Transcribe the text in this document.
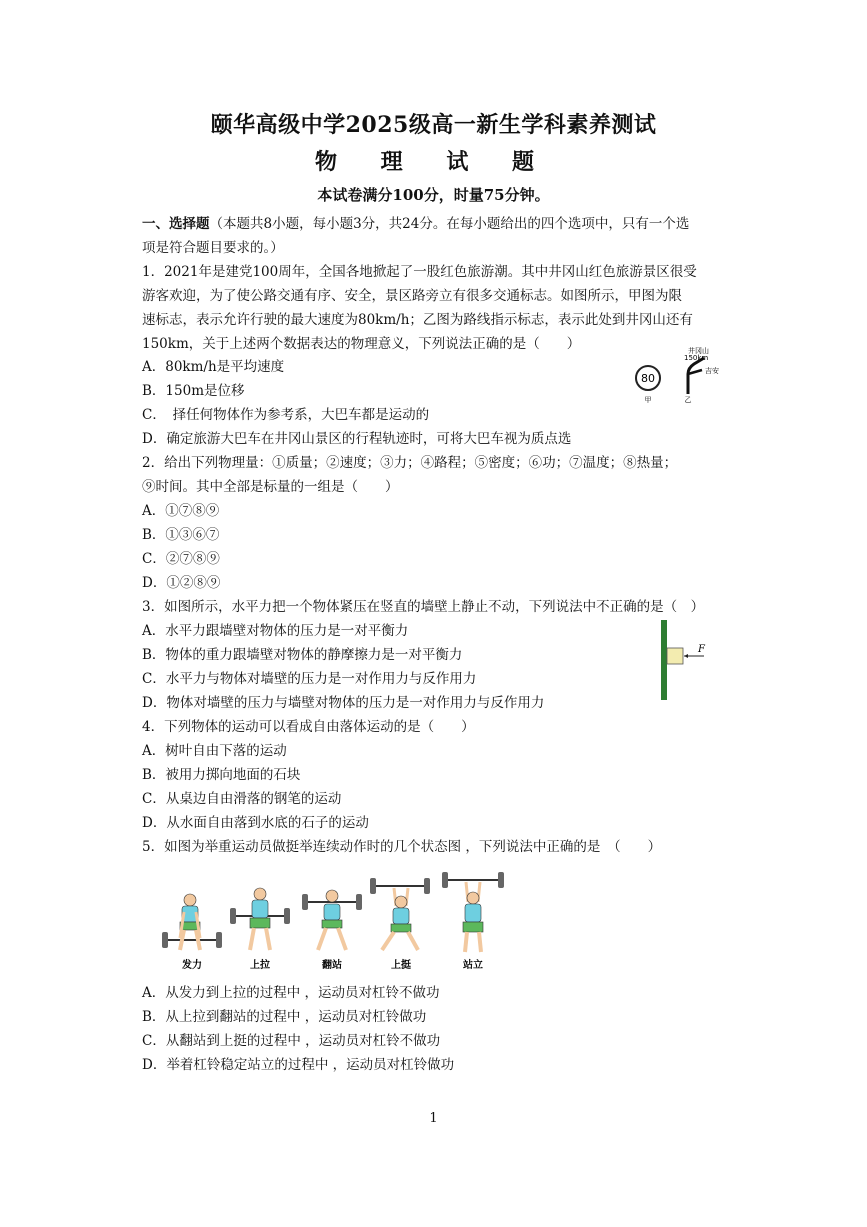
颐华高级中学2025级高一新生学科素养测试
物 理 试 题
本试卷满分100分，时量75分钟。
一、选择题（本题共8小题，每小题3分，共24分。在每小题给出的四个选项中，只有一个选
项是符合题目要求的。）
1．2021年是建党100周年，全国各地掀起了一股红色旅游潮。其中井冈山红色旅游景区很受
游客欢迎，为了使公路交通有序、安全，景区路旁立有很多交通标志。如图所示，甲图为限
速标志，表示允许行驶的最大速度为80km/h；乙图为路线指示标志，表示此处到井冈山还有
150km，关于上述两个数据表达的物理意义，下列说法正确的是（　　）
A．80km/h是平均速度
B．150m是位移
C．　择任何物体作为参考系，大巴车都是运动的
D．确定旅游大巴车在井冈山景区的行程轨迹时，可将大巴车视为质点选
80
甲
井冈山
150km
吉安
乙
2．给出下列物理量：①质量；②速度；③力；④路程；⑤密度；⑥功；⑦温度；⑧热量；
⑨时间。其中全部是标量的一组是（　　）
A．①⑦⑧⑨
B．①③⑥⑦
C．②⑦⑧⑨
D．①②⑧⑨
3．如图所示，水平力把一个物体紧压在竖直的墙壁上静止不动，下列说法中不正确的是（　）
A．水平力跟墙壁对物体的压力是一对平衡力
B．物体的重力跟墙壁对物体的静摩擦力是一对平衡力
C．水平力与物体对墙壁的压力是一对作用力与反作用力
D．物体对墙壁的压力与墙壁对物体的压力是一对作用力与反作用力
F
4．下列物体的运动可以看成自由落体运动的是（　　）
A．树叶自由下落的运动
B．被用力掷向地面的石块
C．从桌边自由滑落的钢笔的运动
D．从水面自由落到水底的石子的运动
5．如图为举重运动员做挺举连续动作时的几个状态图 ，下列说法中正确的是　（　　）
发力	上拉	翻站	上挺	站立
A．从发力到上拉的过程中 ，运动员对杠铃不做功
B．从上拉到翻站的过程中 ，运动员对杠铃做功
C．从翻站到上挺的过程中 ，运动员对杠铃不做功
D．举着杠铃稳定站立的过程中 ，运动员对杠铃做功
1
